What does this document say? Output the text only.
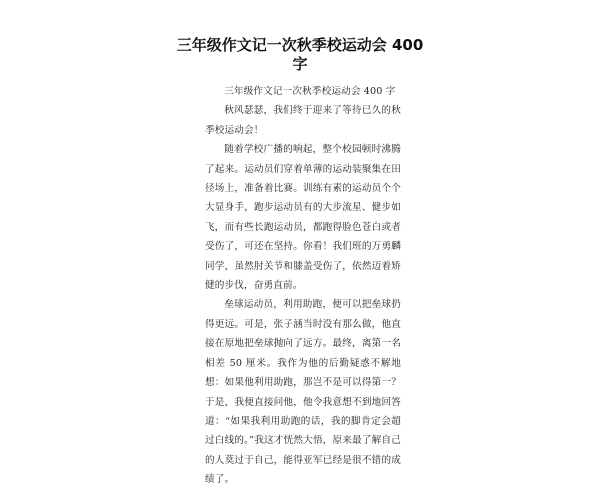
三年级作文记一次秋季校运动会 400 字

三年级作文记一次秋季校运动会 400 字

秋风瑟瑟，我们终于迎来了等待已久的秋季校运动会！

随着学校广播的响起，整个校园顿时沸腾了起来。运动员们穿着单薄的运动装聚集在田径场上，准备着比赛。训练有素的运动员个个大显身手，跑步运动员有的大步流星、健步如飞，而有些长跑运动员，都跑得脸色苍白或者受伤了，可还在坚持。你看！我们班的万勇麟同学，虽然肘关节和膝盖受伤了，依然迈着矫健的步伐，奋勇直前。

垒球运动员，利用助跑，便可以把垒球扔得更远。可是，张子涵当时没有那么做，他直接在原地把垒球抛向了远方。最终，离第一名相差 50 厘米。我作为他的后勤疑惑不解地想：如果他利用助跑，那岂不是可以得第一？于是，我便直接问他，他令我意想不到地回答道：“如果我利用助跑的话，我的脚肯定会超过白线的。”我这才恍然大悟，原来最了解自己的人莫过于自己，能得亚军已经是很不错的成绩了。
